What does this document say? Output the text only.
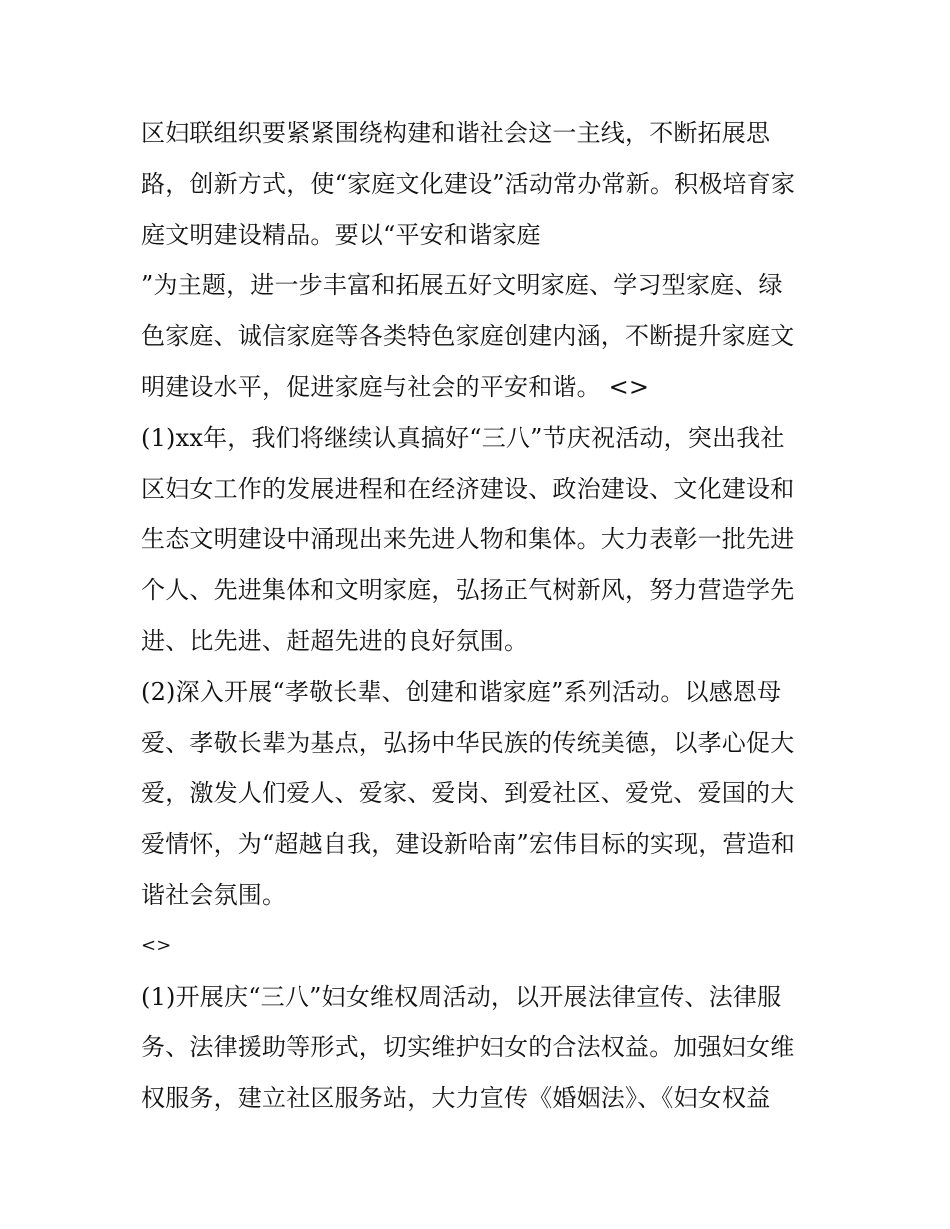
区妇联组织要紧紧围绕构建和谐社会这一主线，不断拓展思
路，创新方式，使“家庭文化建设”活动常办常新。积极培育家
庭文明建设精品。要以“平安和谐家庭
”为主题，进一步丰富和拓展五好文明家庭、学习型家庭、绿
色家庭、诚信家庭等各类特色家庭创建内涵，不断提升家庭文
明建设水平，促进家庭与社会的平安和谐。 <>
(1)xx年，我们将继续认真搞好“三八”节庆祝活动，突出我社
区妇女工作的发展进程和在经济建设、政治建设、文化建设和
生态文明建设中涌现出来先进人物和集体。大力表彰一批先进
个人、先进集体和文明家庭，弘扬正气树新风，努力营造学先
进、比先进、赶超先进的良好氛围。
(2)深入开展“孝敬长辈、创建和谐家庭”系列活动。以感恩母
爱、孝敬长辈为基点，弘扬中华民族的传统美德，以孝心促大
爱，激发人们爱人、爱家、爱岗、到爱社区、爱党、爱国的大
爱情怀，为“超越自我，建设新哈南”宏伟目标的实现，营造和
谐社会氛围。
<>
(1)开展庆“三八”妇女维权周活动，以开展法律宣传、法律服
务、法律援助等形式，切实维护妇女的合法权益。加强妇女维
权服务，建立社区服务站，大力宣传《婚姻法》、《妇女权益
